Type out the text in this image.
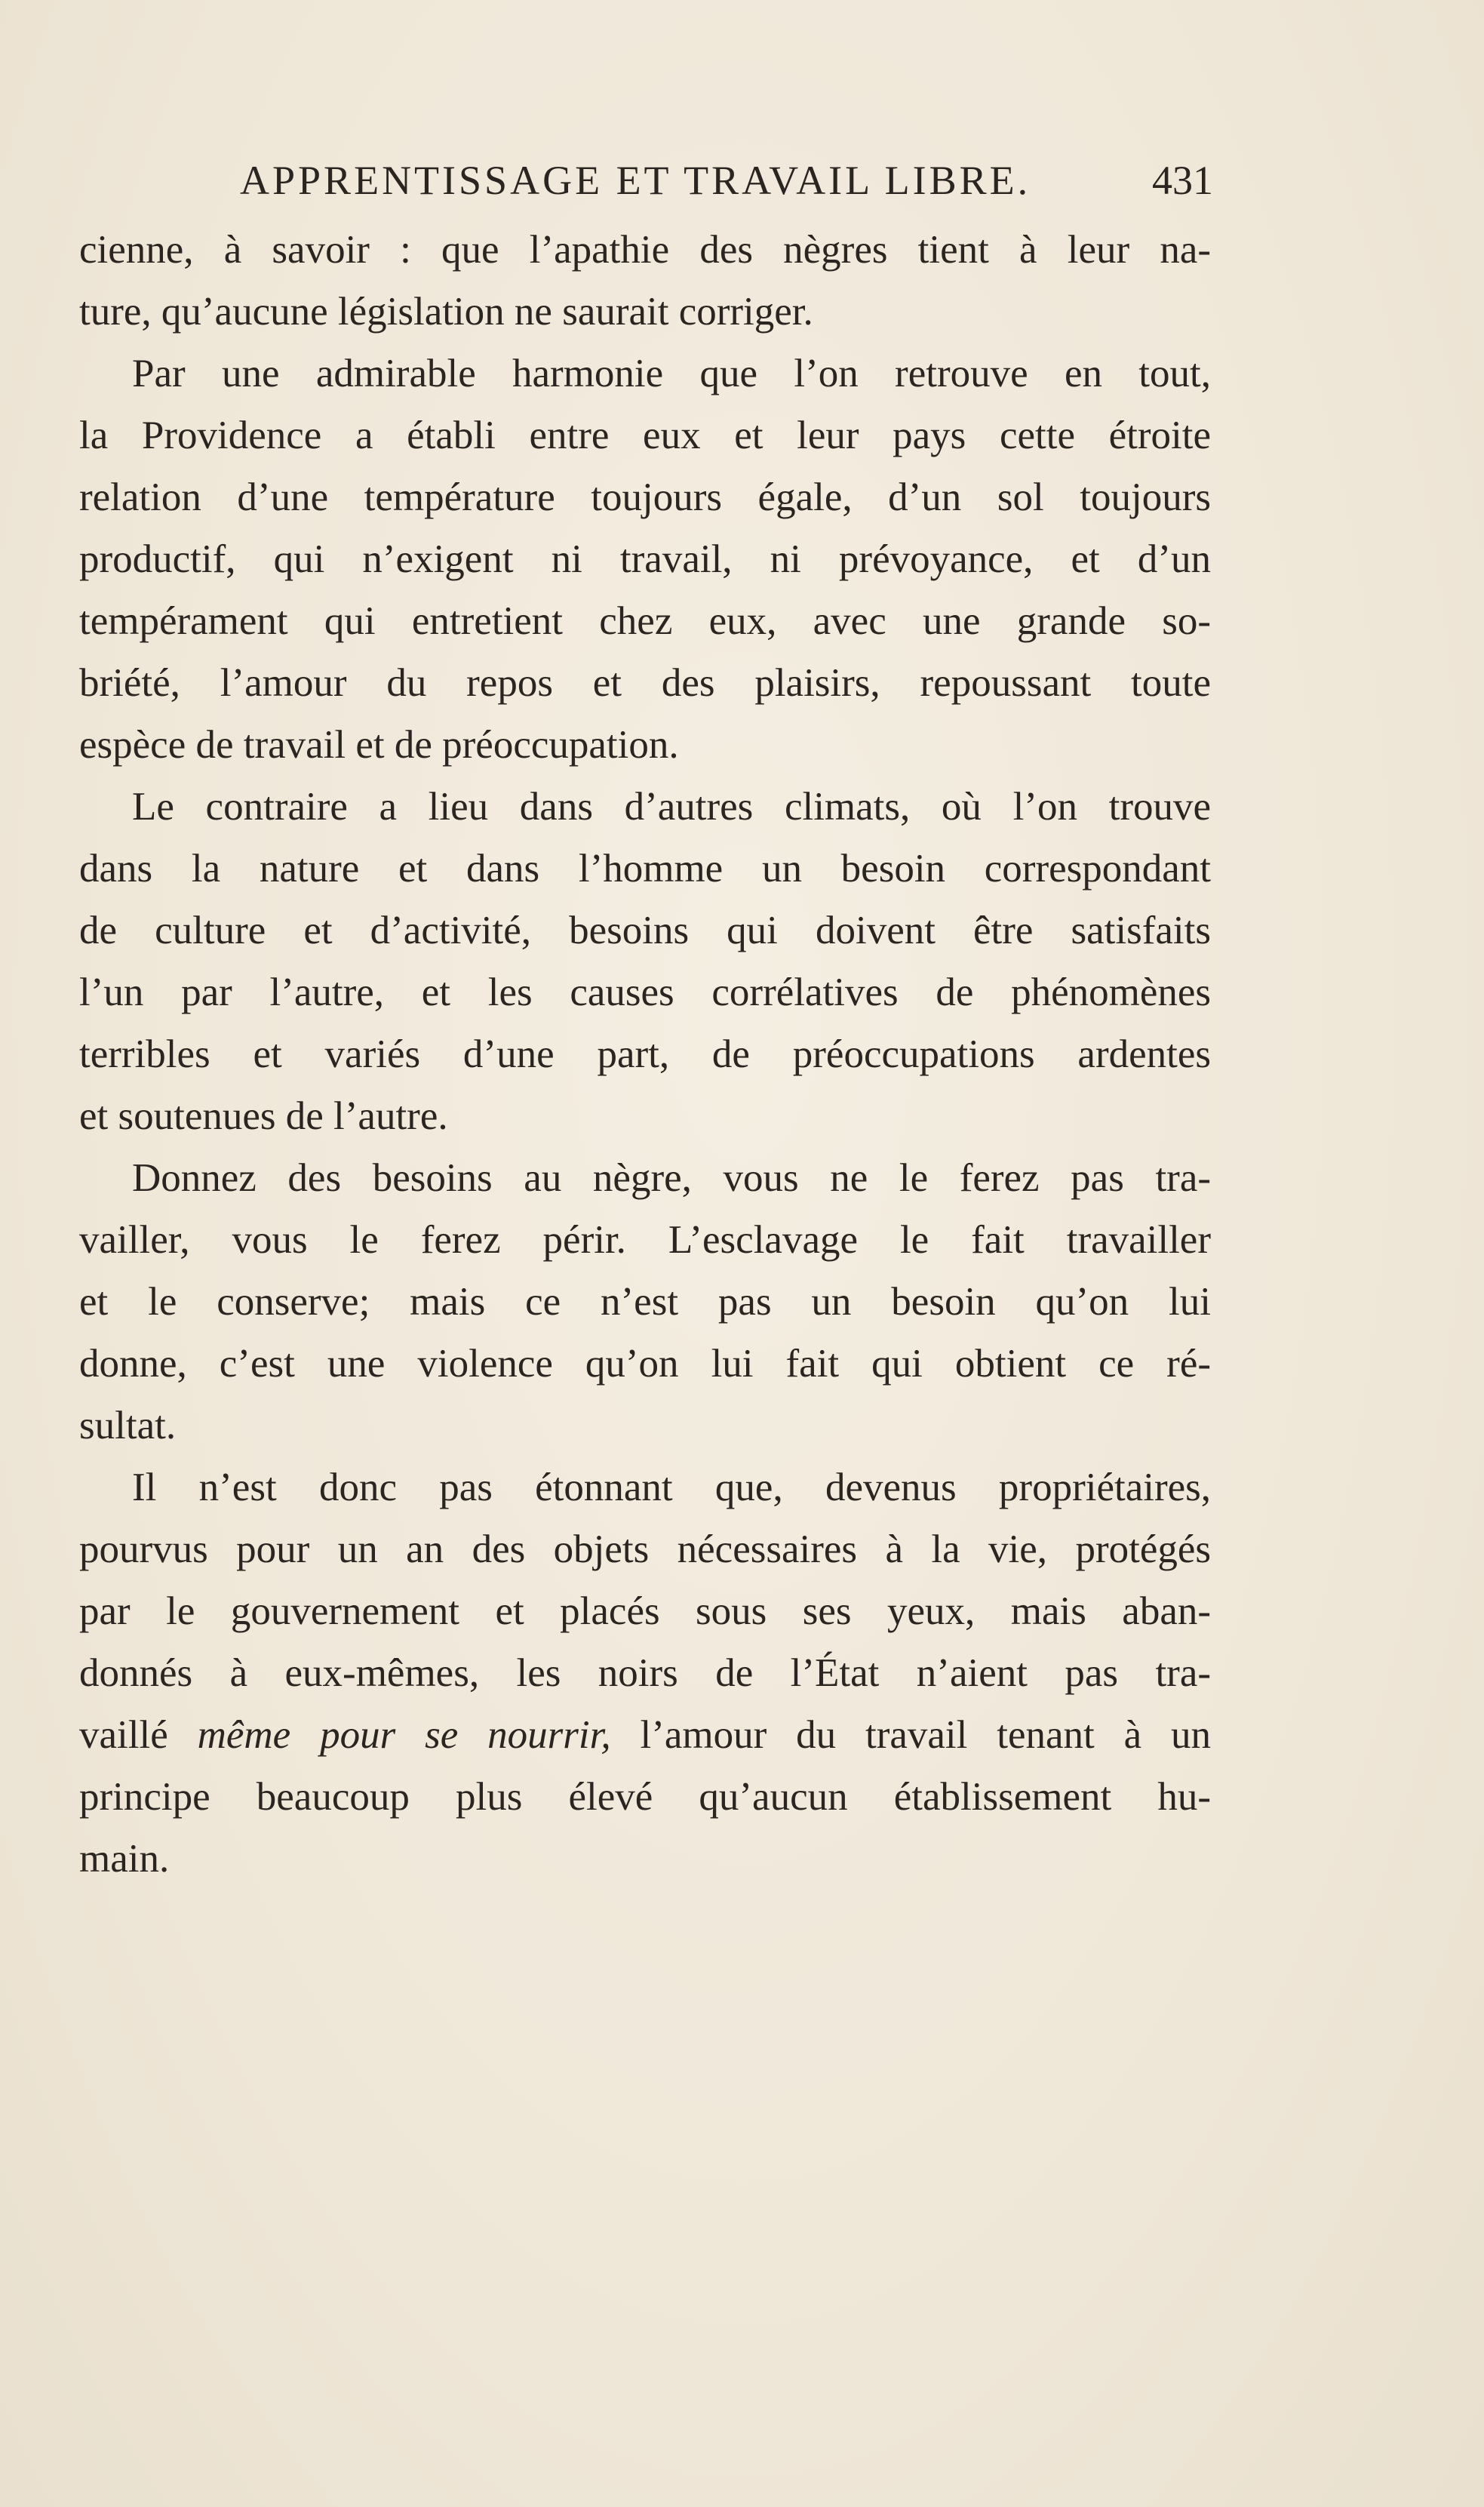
APPRENTISSAGE ET TRAVAIL LIBRE.	431
cienne, à savoir : que l’apathie des nègres tient à leur na-
ture, qu’aucune législation ne saurait corriger.
Par une admirable harmonie que l’on retrouve en tout,
la Providence a établi entre eux et leur pays cette étroite
relation d’une température toujours égale, d’un sol toujours
productif, qui n’exigent ni travail, ni prévoyance, et d’un
tempérament qui entretient chez eux, avec une grande so-
briété, l’amour du repos et des plaisirs, repoussant toute
espèce de travail et de préoccupation.
Le contraire a lieu dans d’autres climats, où l’on trouve
dans la nature et dans l’homme un besoin correspondant
de culture et d’activité, besoins qui doivent être satisfaits
l’un par l’autre, et les causes corrélatives de phénomènes
terribles et variés d’une part, de préoccupations ardentes
et soutenues de l’autre.
Donnez des besoins au nègre, vous ne le ferez pas tra-
vailler, vous le ferez périr. L’esclavage le fait travailler
et le conserve; mais ce n’est pas un besoin qu’on lui
donne, c’est une violence qu’on lui fait qui obtient ce ré-
sultat.
Il n’est donc pas étonnant que, devenus propriétaires,
pourvus pour un an des objets nécessaires à la vie, protégés
par le gouvernement et placés sous ses yeux, mais aban-
donnés à eux-mêmes, les noirs de l’État n’aient pas tra-
vaillé même pour se nourrir, l’amour du travail tenant à un
principe beaucoup plus élevé qu’aucun établissement hu-
main.
